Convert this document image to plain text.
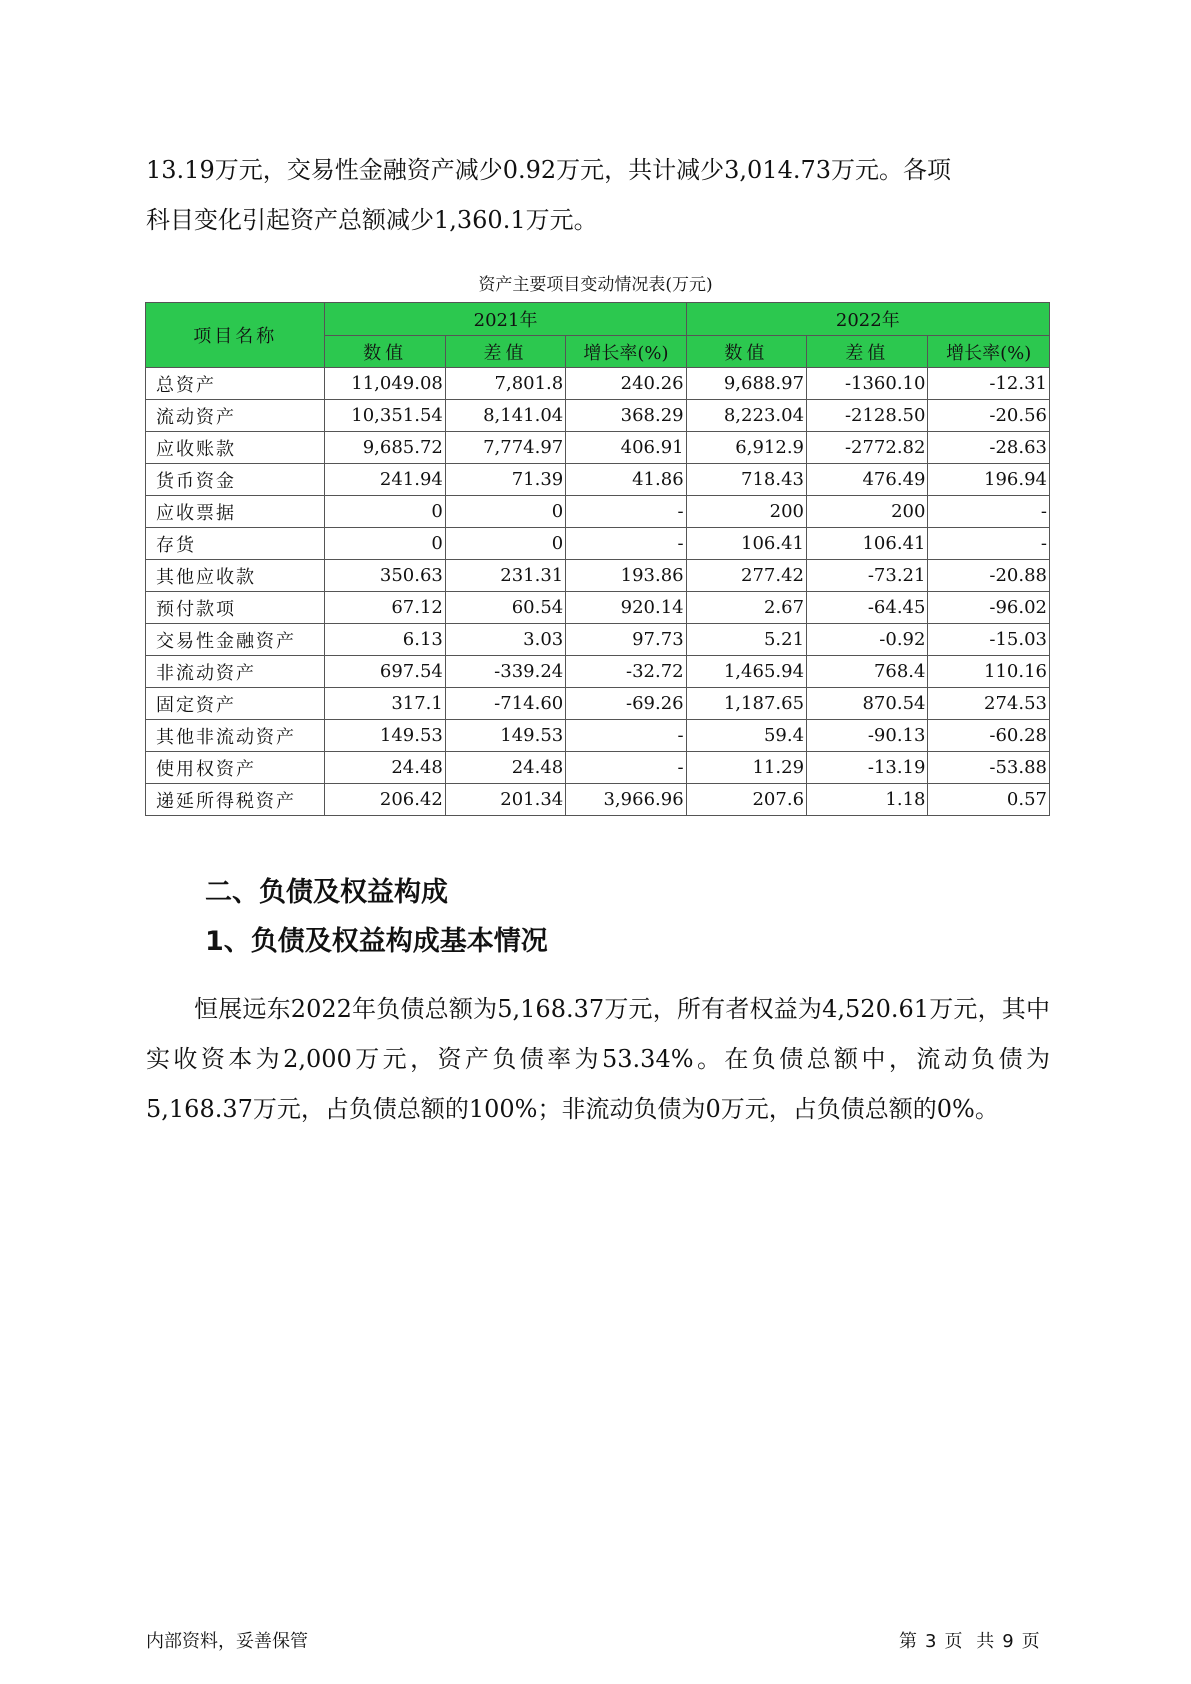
13.19万元，交易性金融资产减少0.92万元，共计减少3,014.73万元。各项
科目变化引起资产总额减少1,360.1万元。

资产主要项目变动情况表(万元)
项目名称	2021年			2022年		
	数值	差值	增长率(%)	数值	差值	增长率(%)
总资产	11,049.08	7,801.8	240.26	9,688.97	-1360.10	-12.31
流动资产	10,351.54	8,141.04	368.29	8,223.04	-2128.50	-20.56
应收账款	9,685.72	7,774.97	406.91	6,912.9	-2772.82	-28.63
货币资金	241.94	71.39	41.86	718.43	476.49	196.94
应收票据	0	0	-	200	200	-
存货	0	0	-	106.41	106.41	-
其他应收款	350.63	231.31	193.86	277.42	-73.21	-20.88
预付款项	67.12	60.54	920.14	2.67	-64.45	-96.02
交易性金融资产	6.13	3.03	97.73	5.21	-0.92	-15.03
非流动资产	697.54	-339.24	-32.72	1,465.94	768.4	110.16
固定资产	317.1	-714.60	-69.26	1,187.65	870.54	274.53
其他非流动资产	149.53	149.53	-	59.4	-90.13	-60.28
使用权资产	24.48	24.48	-	11.29	-13.19	-53.88
递延所得税资产	206.42	201.34	3,966.96	207.6	1.18	0.57
二、负债及权益构成
1、负债及权益构成基本情况

恒展远东2022年负债总额为5,168.37万元，所有者权益为4,520.61万元，其中实收资本为2,000万元，资产负债率为53.34%。在负债总额中，流动负债为5,168.37万元，占负债总额的100%；非流动负债为0万元，占负债总额的0%。

内部资料，妥善保管	第 3 页 共 9 页
